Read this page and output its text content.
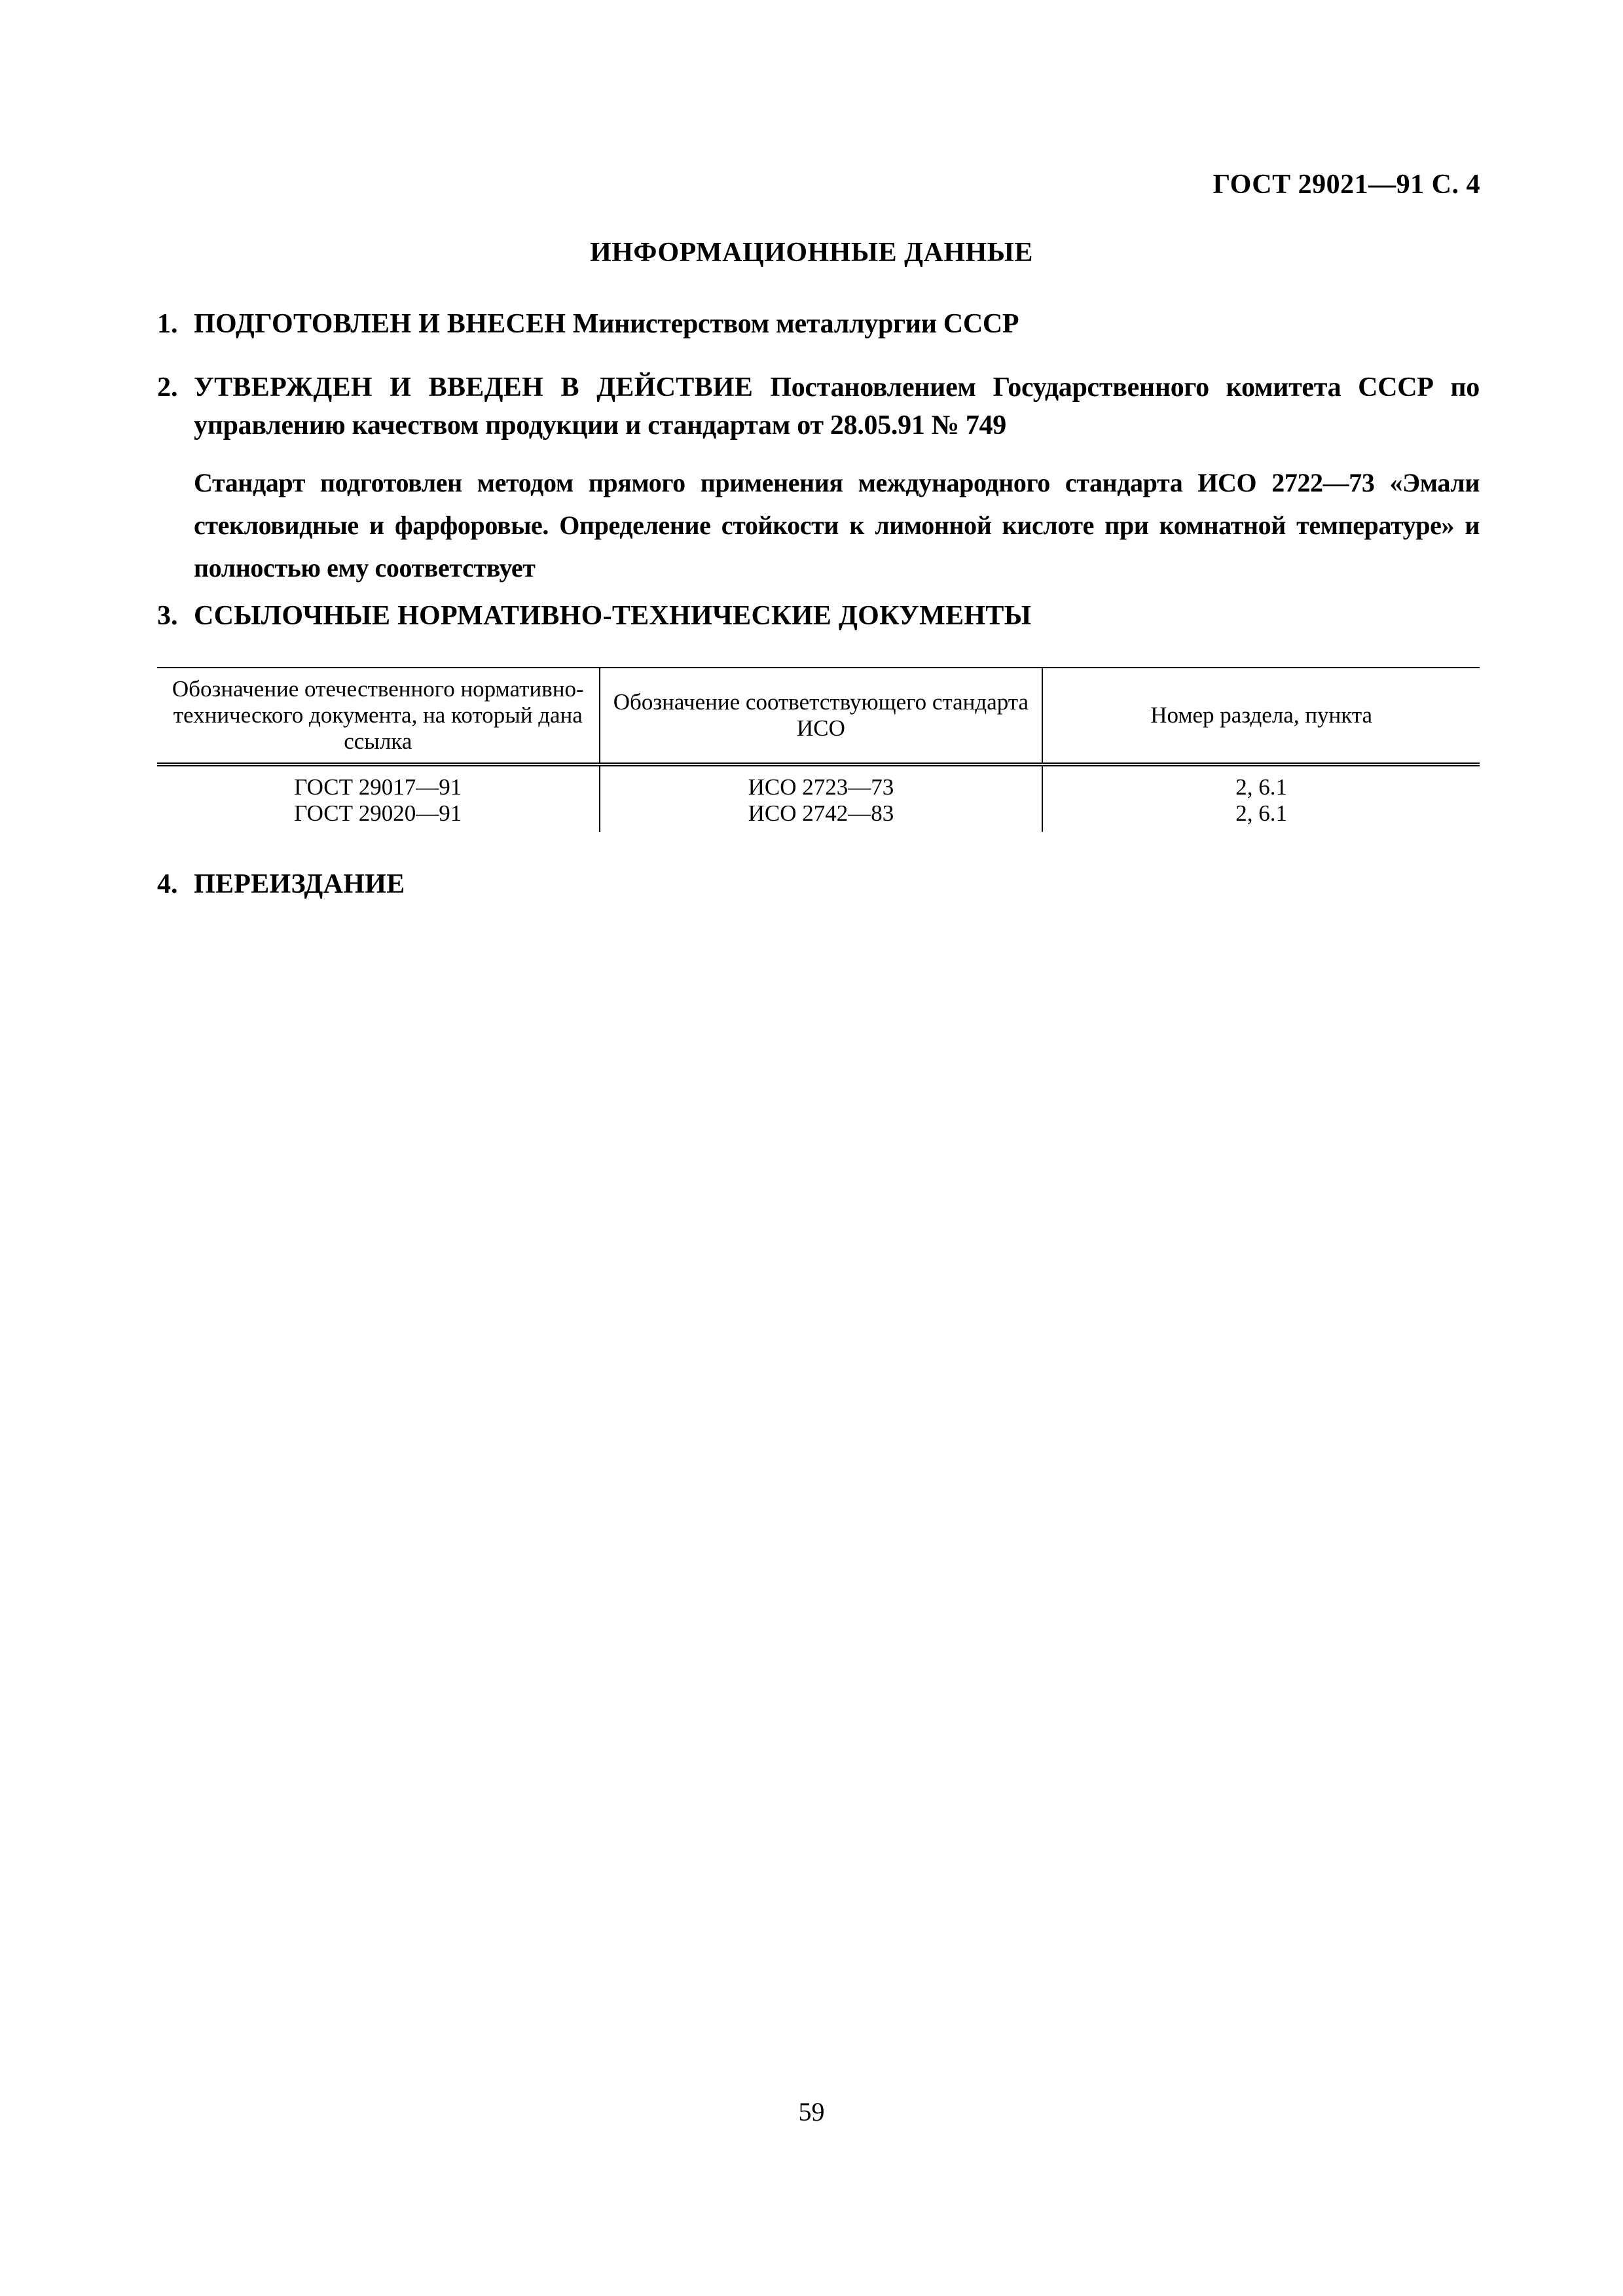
ГОСТ 29021—91 С. 4
ИНФОРМАЦИОННЫЕ ДАННЫЕ
1. ПОДГОТОВЛЕН И ВНЕСЕН Министерством металлургии СССР
2. УТВЕРЖДЕН И ВВЕДЕН В ДЕЙСТВИЕ Постановлением Государственного комитета СССР по управлению качеством продукции и стандартам от 28.05.91 № 749
Стандарт подготовлен методом прямого применения международного стандарта ИСО 2722—73 «Эмали стекловидные и фарфоровые. Определение стойкости к лимонной кислоте при комнатной температуре» и полностью ему соответствует
3. ССЫЛОЧНЫЕ НОРМАТИВНО-ТЕХНИЧЕСКИЕ ДОКУМЕНТЫ
Обозначение отечественного нормативно-технического документа, на который дана ссылка	Обозначение соответствующего стандарта ИСО	Номер раздела, пункта
ГОСТ 29017—91	ИСО 2723—73	2, 6.1
ГОСТ 29020—91	ИСО 2742—83	2, 6.1
4. ПЕРЕИЗДАНИЕ
59
